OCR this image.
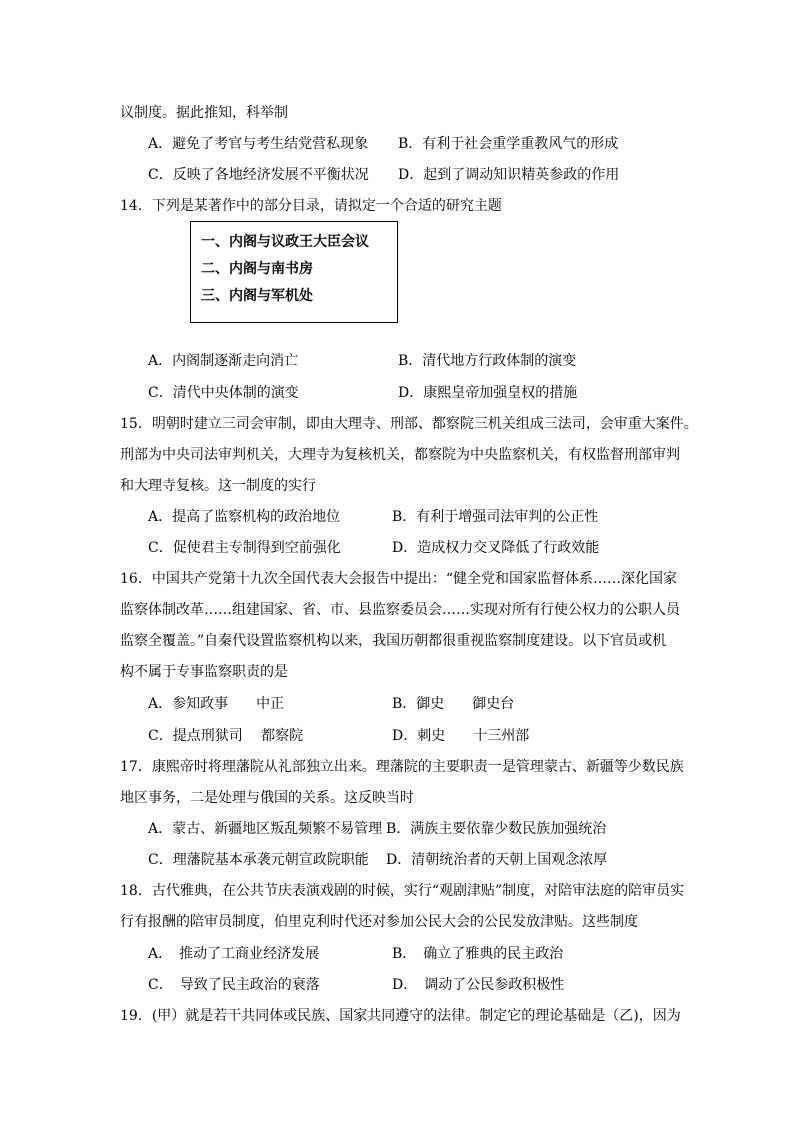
议制度。据此推知，科举制
A．避免了考官与考生结党营私现象 B．有利于社会重学重教风气的形成
C．反映了各地经济发展不平衡状况 D．起到了调动知识精英参政的作用
14．下列是某著作中的部分目录，请拟定一个合适的研究主题
一、内阁与议政王大臣会议
二、内阁与南书房
三、内阁与军机处
A．内阁制逐渐走向消亡	B．清代地方行政体制的演变
C．清代中央体制的演变	D．康熙皇帝加强皇权的措施
15．明朝时建立三司会审制，即由大理寺、刑部、都察院三机关组成三法司，会审重大案件。
刑部为中央司法审判机关，大理寺为复核机关，都察院为中央监察机关，有权监督刑部审判
和大理寺复核。这一制度的实行
A．提高了监察机构的政治地位	B．有利于增强司法审判的公正性
C．促使君主专制得到空前强化	D．造成权力交叉降低了行政效能
16．中国共产党第十九次全国代表大会报告中提出：“健全党和国家监督体系……深化国家
监察体制改革……组建国家、省、市、县监察委员会……实现对所有行使公权力的公职人员
监察全覆盖。”自秦代设置监察机构以来，我国历朝都很重视监察制度建设。以下官员或机
构不属于专事监察职责的是
A．参知政事　　中正	B．御史　　御史台
C．提点刑狱司　 都察院	D．刺史　　十三州部
17．康熙帝时将理藩院从礼部独立出来。理藩院的主要职责一是管理蒙古、新疆等少数民族
地区事务，二是处理与俄国的关系。这反映当时
A．蒙古、新疆地区叛乱频繁不易管理 B．满族主要依靠少数民族加强统治
C．理藩院基本承袭元朝宣政院职能 D．清朝统治者的天朝上国观念浓厚
18．古代雅典，在公共节庆表演戏剧的时候，实行“观剧津贴”制度，对陪审法庭的陪审员实
行有报酬的陪审员制度，伯里克利时代还对参加公民大会的公民发放津贴。这些制度
A．　推动了工商业经济发展	B．　确立了雅典的民主政治
C．　导致了民主政治的衰落	D．　调动了公民参政积极性
19．(甲）就是若干共同体或民族、国家共同遵守的法律。制定它的理论基础是（乙)，因为
